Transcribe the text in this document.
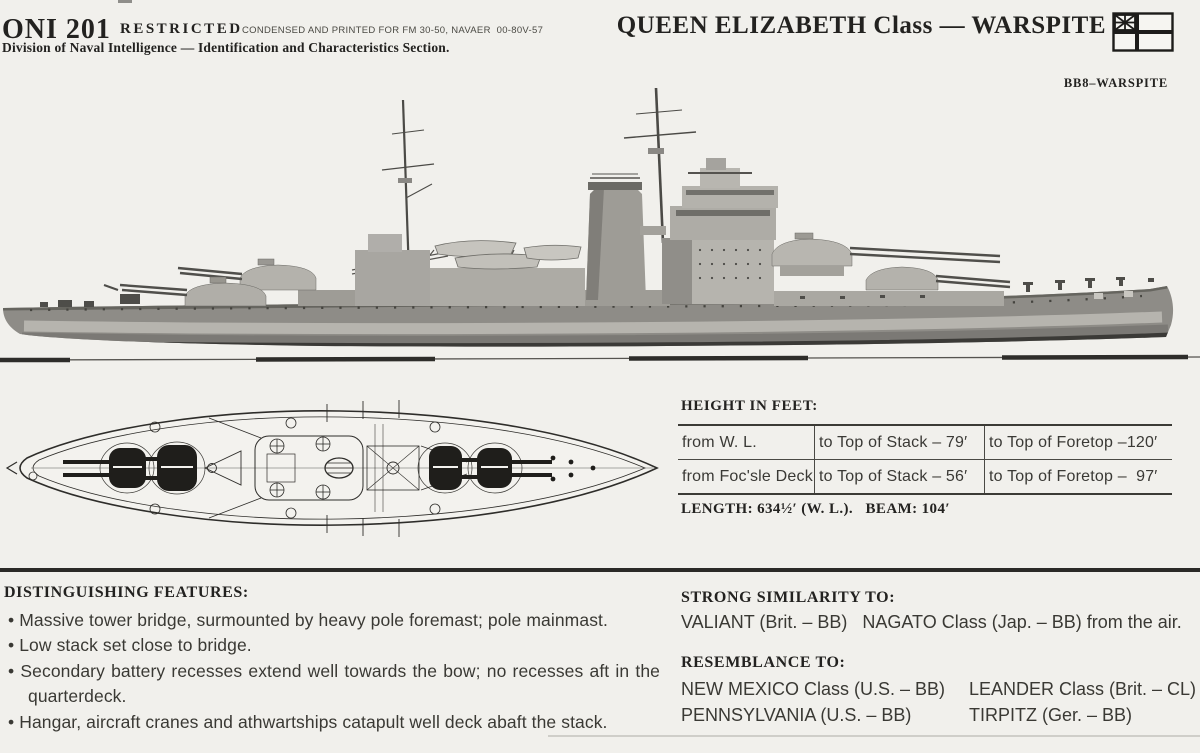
ONI 201 RESTRICTED CONDENSED AND PRINTED FOR FM 30-50, NAVAER  00-80V-57
Division of Naval Intelligence — Identification and Characteristics Section.
QUEEN ELIZABETH Class — WARSPITE
BB8–WARSPITE
HEIGHT IN FEET:
from W. L.	to Top of Stack – 79′	to Top of Foretop –120′
from Foc'sle Deck to Top of Stack – 56′	to Top of Foretop –  97′
LENGTH: 634½′ (W. L.).   BEAM: 104′
DISTINGUISHING FEATURES:
• Massive tower bridge, surmounted by heavy pole foremast; pole mainmast.
• Low stack set close to bridge.
• Secondary battery recesses extend well towards the bow; no recesses aft in the quarterdeck.
• Hangar, aircraft cranes and athwartships catapult well deck abaft the stack.
STRONG SIMILARITY TO:
VALIANT (Brit. – BB)   NAGATO Class (Jap. – BB) from the air.
RESEMBLANCE TO:
NEW MEXICO Class (U.S. – BB)	LEANDER Class (Brit. – CL)
PENNSYLVANIA (U.S. – BB)	TIRPITZ (Ger. – BB)
